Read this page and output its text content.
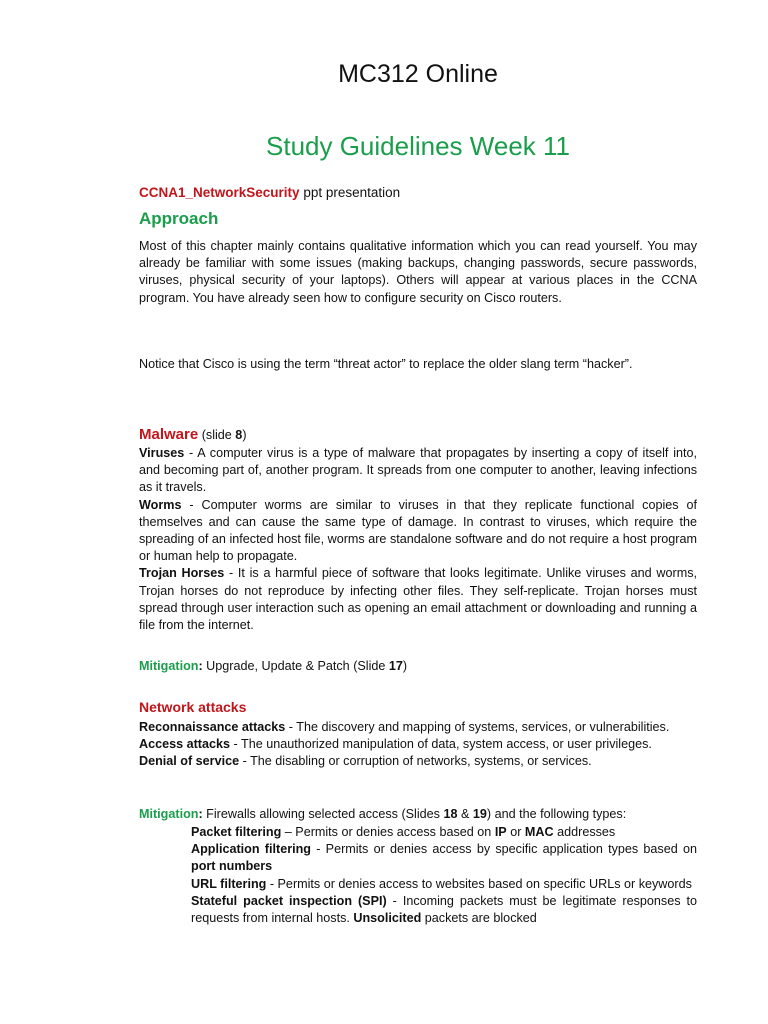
MC312 Online
Study Guidelines Week 11
CCNA1_NetworkSecurity ppt presentation
Approach

Most of this chapter mainly contains qualitative information which you can read yourself. You may already be familiar with some issues (making backups, changing passwords, secure passwords, viruses, physical security of your laptops). Others will appear at various places in the CCNA program. You have already seen how to configure security on Cisco routers.

Notice that Cisco is using the term “threat actor” to replace the older slang term “hacker”.

Malware (slide 8)

Viruses - A computer virus is a type of malware that propagates by inserting a copy of itself into, and becoming part of, another program. It spreads from one computer to another, leaving infections as it travels.

Worms - Computer worms are similar to viruses in that they replicate functional copies of themselves and can cause the same type of damage. In contrast to viruses, which require the spreading of an infected host file, worms are standalone software and do not require a host program or human help to propagate.

Trojan Horses - It is a harmful piece of software that looks legitimate. Unlike viruses and worms, Trojan horses do not reproduce by infecting other files. They self-replicate. Trojan horses must spread through user interaction such as opening an email attachment or downloading and running a file from the internet.

Mitigation: Upgrade, Update & Patch (Slide 17)
Network attacks

Reconnaissance attacks - The discovery and mapping of systems, services, or vulnerabilities.

Access attacks - The unauthorized manipulation of data, system access, or user privileges.

Denial of service - The disabling or corruption of networks, systems, or services.

Mitigation: Firewalls allowing selected access (Slides 18 & 19) and the following types:

Packet filtering – Permits or denies access based on IP or MAC addresses

Application filtering - Permits or denies access by specific application types based on port numbers

URL filtering - Permits or denies access to websites based on specific URLs or keywords

Stateful packet inspection (SPI) - Incoming packets must be legitimate responses to requests from internal hosts. Unsolicited packets are blocked
